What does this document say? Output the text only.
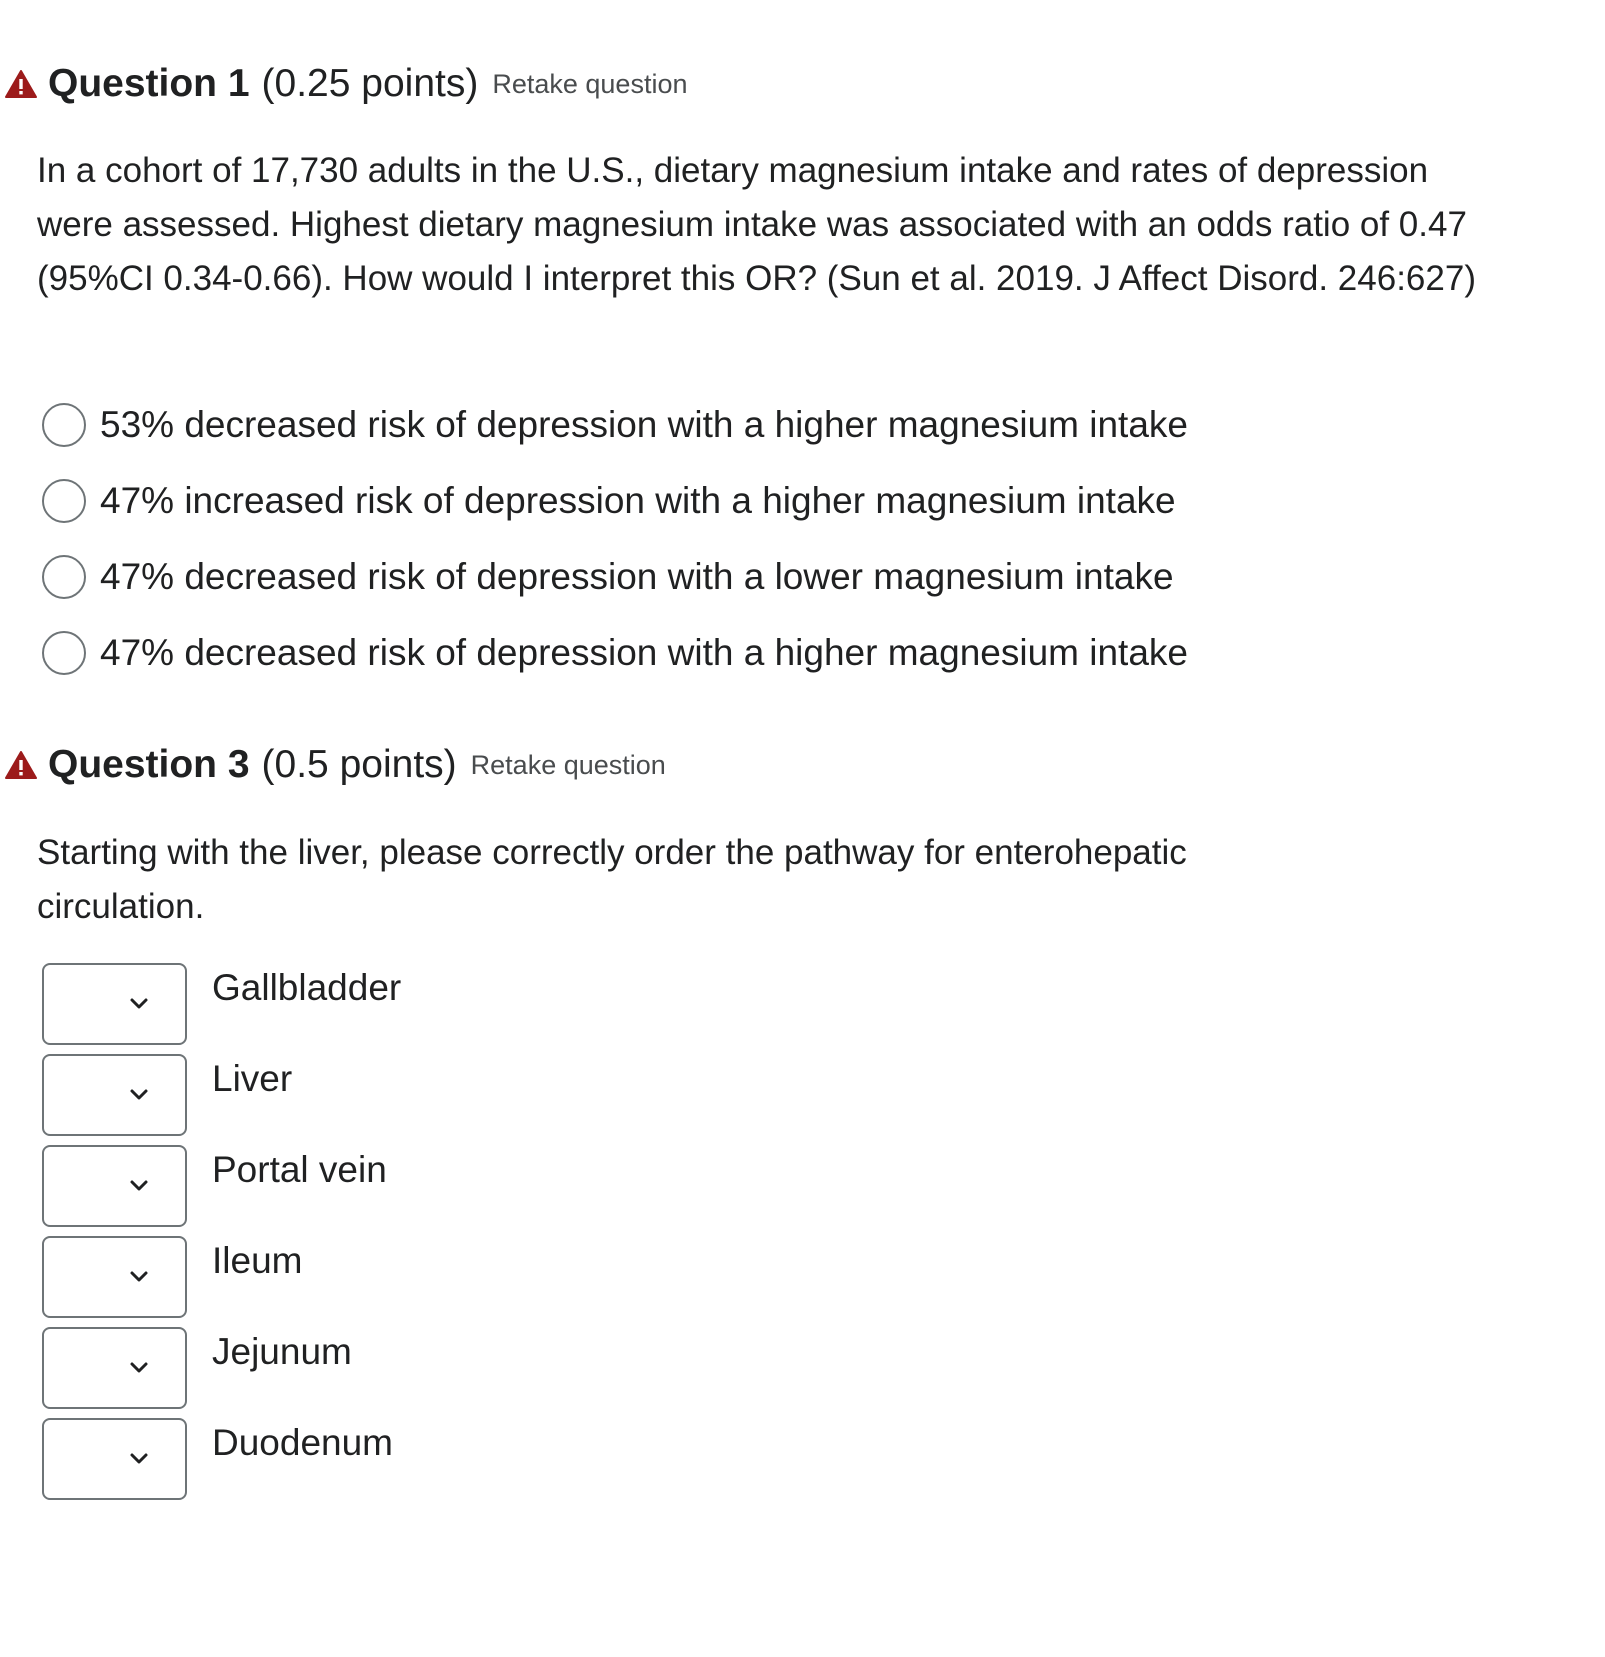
Question 1 (0.25 points) Retake question
In a cohort of 17,730 adults in the U.S., dietary magnesium intake and rates of depression were assessed. Highest dietary magnesium intake was associated with an odds ratio of 0.47 (95%CI 0.34-0.66). How would I interpret this OR? (Sun et al. 2019. J Affect Disord. 246:627)
53% decreased risk of depression with a higher magnesium intake
47% increased risk of depression with a higher magnesium intake
47% decreased risk of depression with a lower magnesium intake
47% decreased risk of depression with a higher magnesium intake
Question 3 (0.5 points) Retake question
Starting with the liver, please correctly order the pathway for enterohepatic circulation.
Gallbladder
Liver
Portal vein
Ileum
Jejunum
Duodenum
